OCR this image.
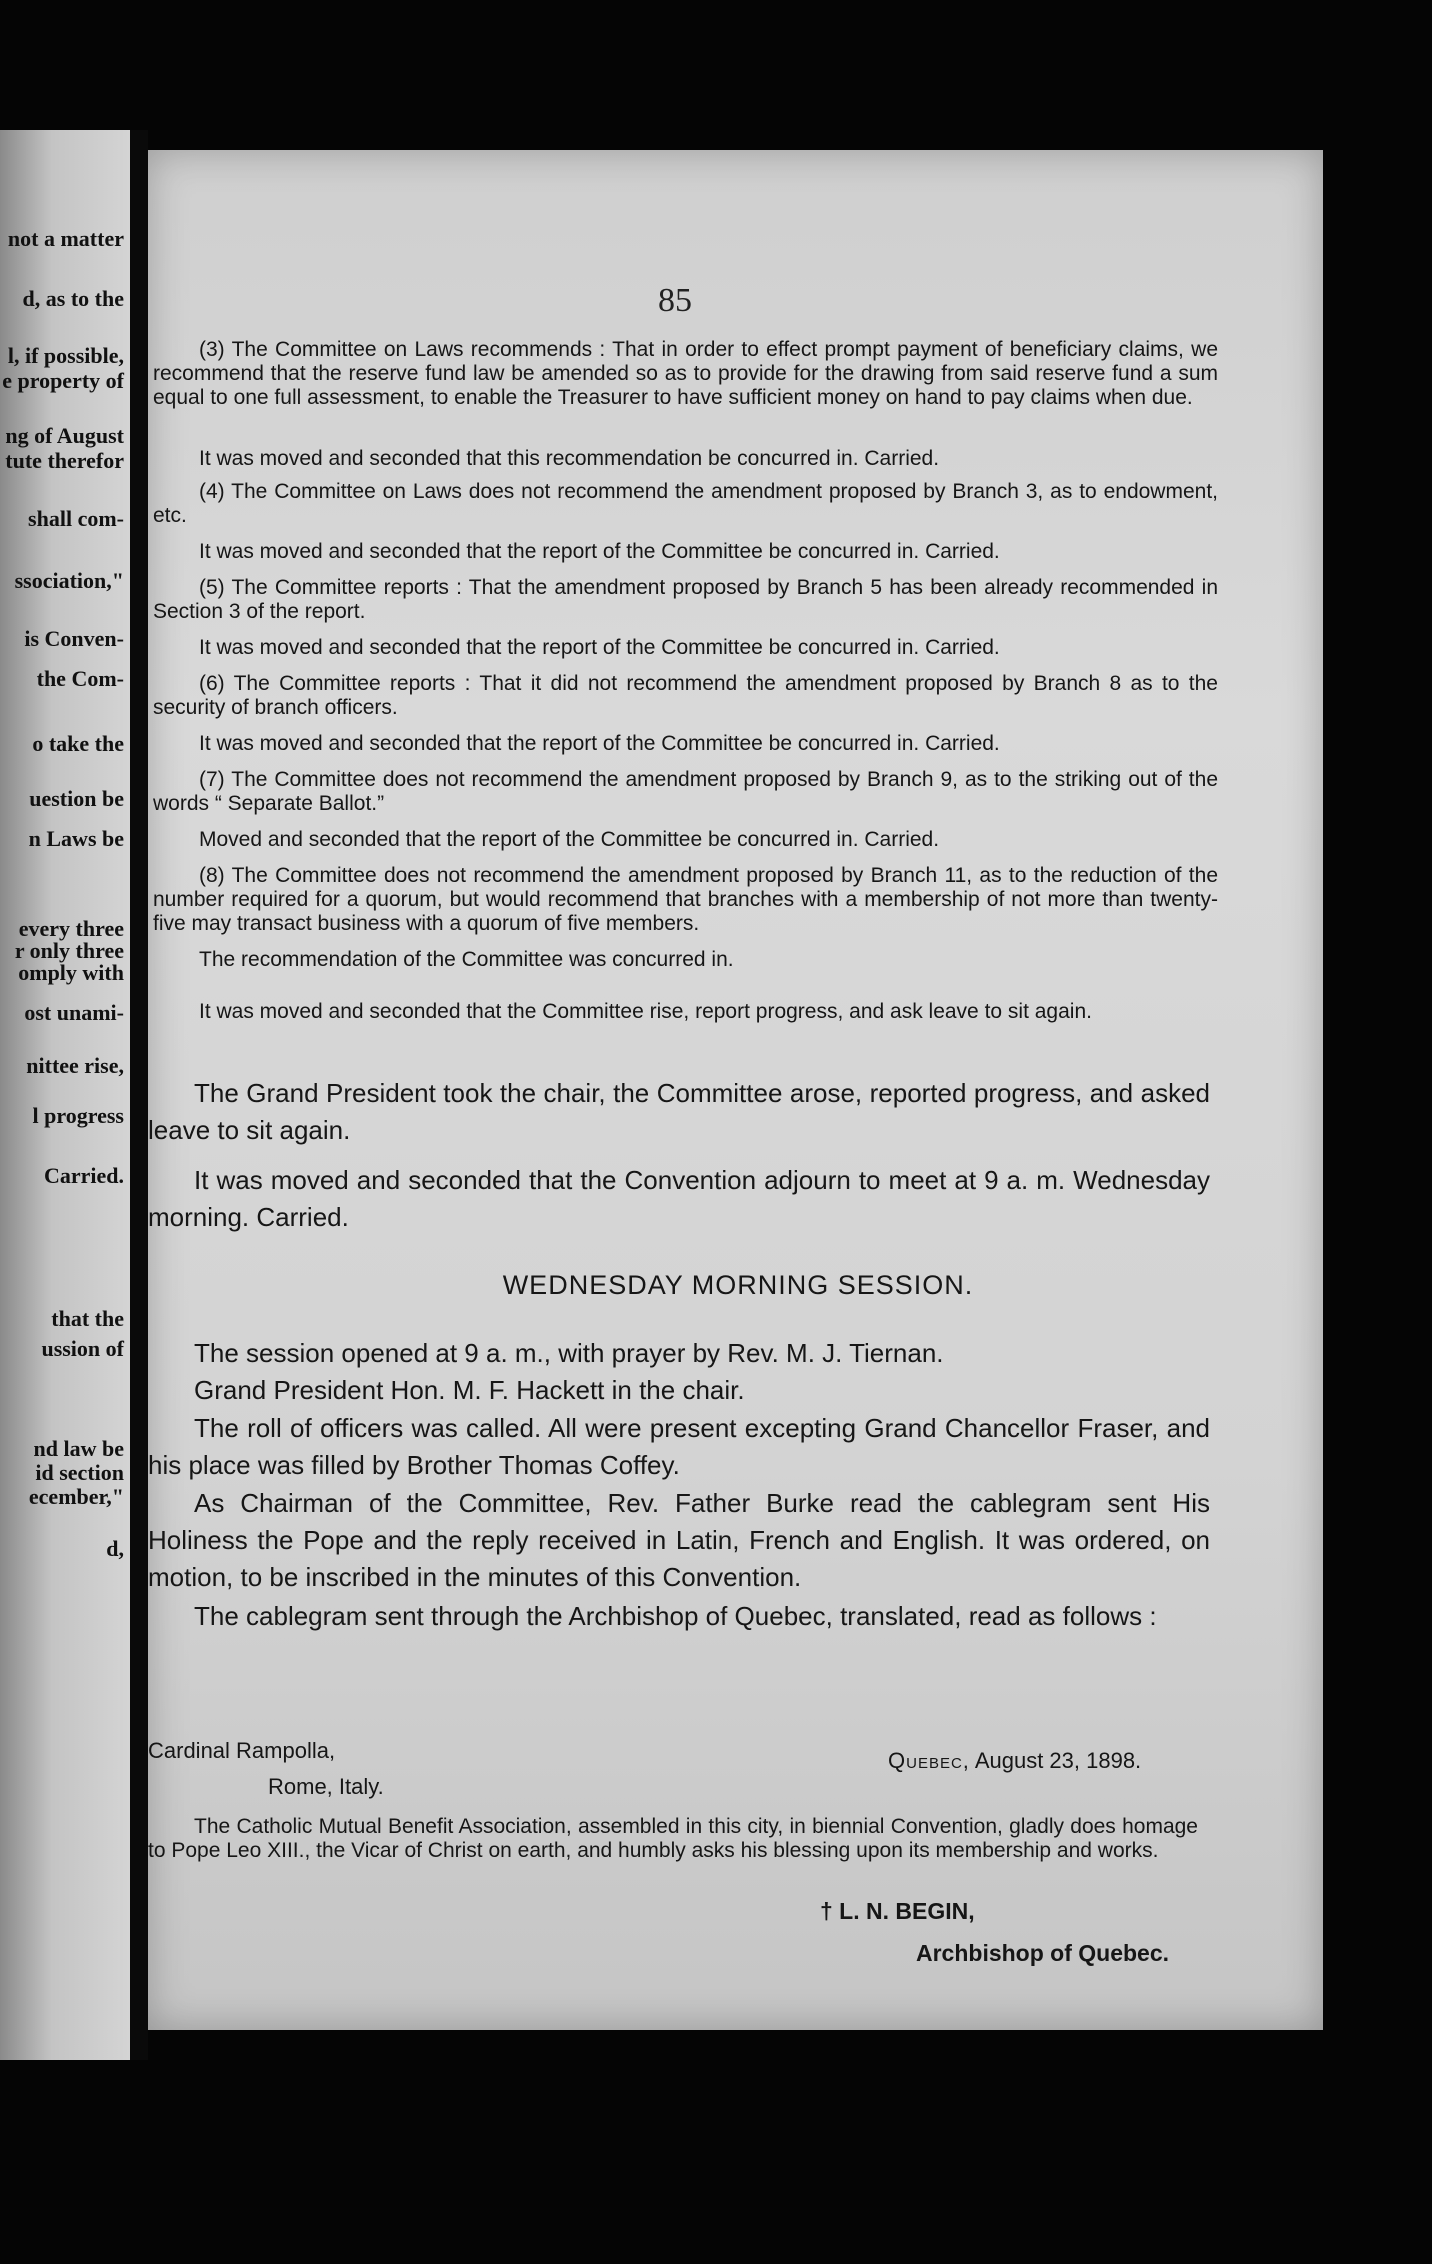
not a matter
d, as to the
l, if possible,
e property of
ng of August
tute therefor
shall com-
ssociation,"
is Conven-
the Com-
o take the
uestion be
n Laws be
every three
r only three
omply with
ost unami-
nittee rise,
l progress
Carried.
that the
ussion of
nd law be
id section
ecember,"
d,
85

(3) The Committee on Laws recommends : That in order to effect prompt payment of beneficiary claims, we recommend that the reserve fund law be amended so as to provide for the drawing from said reserve fund a sum equal to one full assessment, to enable the Treasurer to have sufficient money on hand to pay claims when due.

It was moved and seconded that this recommendation be concurred in. Carried.

(4) The Committee on Laws does not recommend the amendment proposed by Branch 3, as to endowment, etc.

It was moved and seconded that the report of the Committee be concurred in. Carried.

(5) The Committee reports : That the amendment proposed by Branch 5 has been already recommended in Section 3 of the report.

It was moved and seconded that the report of the Committee be concurred in. Carried.

(6) The Committee reports : That it did not recommend the amendment proposed by Branch 8 as to the security of branch officers.

It was moved and seconded that the report of the Committee be concurred in. Carried.

(7) The Committee does not recommend the amendment proposed by Branch 9, as to the striking out of the words “ Separate Ballot.”

Moved and seconded that the report of the Committee be concurred in. Carried.

(8) The Committee does not recommend the amendment proposed by Branch 11, as to the reduction of the number required for a quorum, but would recommend that branches with a membership of not more than twenty-five may transact business with a quorum of five members.

The recommendation of the Committee was concurred in.

It was moved and seconded that the Committee rise, report progress, and ask leave to sit again.

The Grand President took the chair, the Committee arose, reported progress, and asked leave to sit again.

It was moved and seconded that the Convention adjourn to meet at 9 a. m. Wednesday morning. Carried.

WEDNESDAY MORNING SESSION.

The session opened at 9 a. m., with prayer by Rev. M. J. Tiernan.

Grand President Hon. M. F. Hackett in the chair.

The roll of officers was called. All were present excepting Grand Chancellor Fraser, and his place was filled by Brother Thomas Coffey.

As Chairman of the Committee, Rev. Father Burke read the cablegram sent His Holiness the Pope and the reply received in Latin, French and English. It was ordered, on motion, to be inscribed in the minutes of this Convention.

The cablegram sent through the Archbishop of Quebec, translated, read as follows :

Cardinal Rampolla,
Rome, Italy.
Quebec, August 23, 1898.

The Catholic Mutual Benefit Association, assembled in this city, in biennial Convention, gladly does homage to Pope Leo XIII., the Vicar of Christ on earth, and humbly asks his blessing upon its membership and works.

† L. N. BEGIN,
Archbishop of Quebec.
